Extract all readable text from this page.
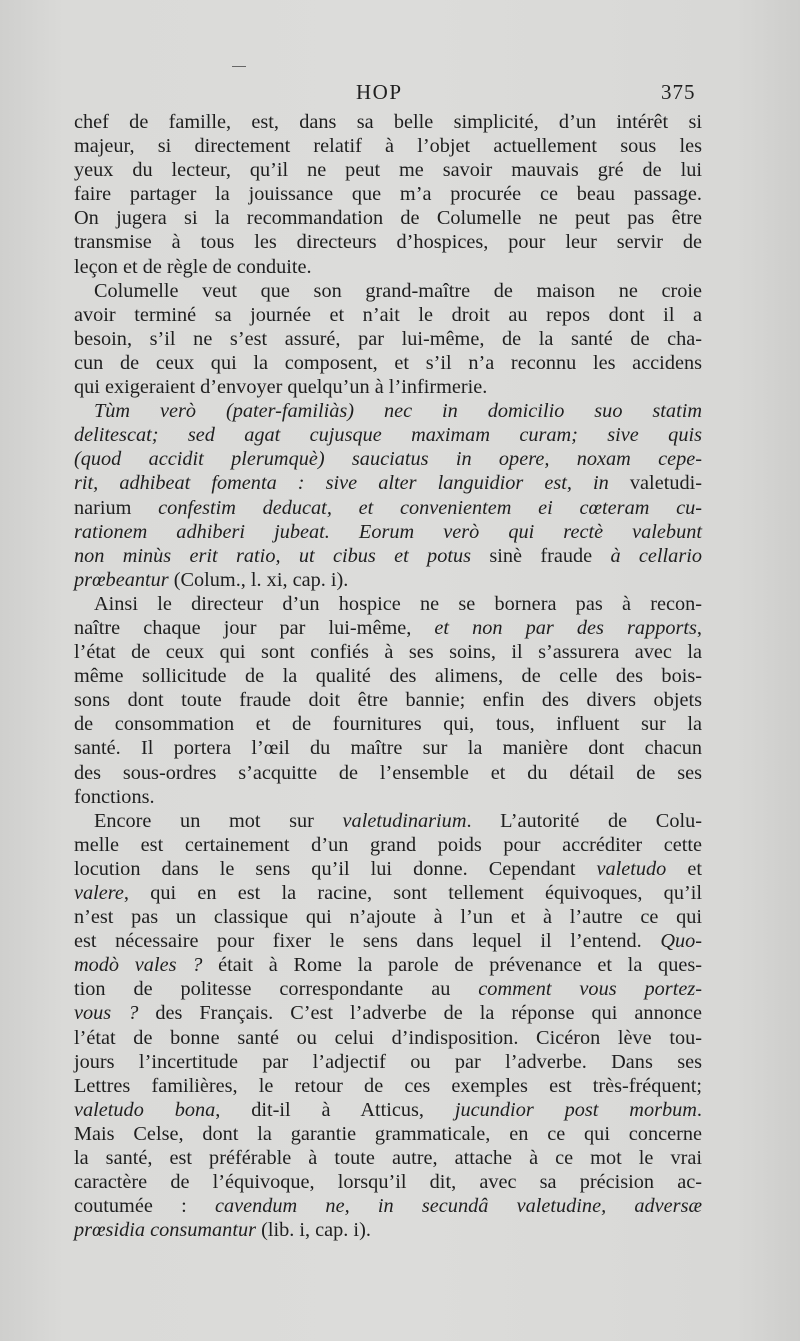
HOP	375
chef de famille, est, dans sa belle simplicité, d’un intérêt si
majeur, si directement relatif à l’objet actuellement sous les
yeux du lecteur, qu’il ne peut me savoir mauvais gré de lui
faire partager la jouissance que m’a procurée ce beau passage.
On jugera si la recommandation de Columelle ne peut pas être
transmise à tous les directeurs d’hospices, pour leur servir de
leçon et de règle de conduite.
Columelle veut que son grand-maître de maison ne croie
avoir terminé sa journée et n’ait le droit au repos dont il a
besoin, s’il ne s’est assuré, par lui-même, de la santé de cha-
cun de ceux qui la composent, et s’il n’a reconnu les accidens
qui exigeraient d’envoyer quelqu’un à l’infirmerie.
Tùm verò (pater-familiàs) nec in domicilio suo statim
delitescat; sed agat cujusque maximam curam; sive quis
(quod accidit plerumquè) sauciatus in opere, noxam cepe-
rit, adhibeat fomenta : sive alter languidior est, in valetudi-
narium confestim deducat, et convenientem ei cœteram cu-
rationem adhiberi jubeat. Eorum verò qui rectè valebunt
non minùs erit ratio, ut cibus et potus sinè fraude à cellario
prœbeantur (Colum., l. xi, cap. i).
Ainsi le directeur d’un hospice ne se bornera pas à recon-
naître chaque jour par lui-même, et non par des rapports,
l’état de ceux qui sont confiés à ses soins, il s’assurera avec la
même sollicitude de la qualité des alimens, de celle des bois-
sons dont toute fraude doit être bannie; enfin des divers objets
de consommation et de fournitures qui, tous, influent sur la
santé. Il portera l’œil du maître sur la manière dont chacun
des sous-ordres s’acquitte de l’ensemble et du détail de ses
fonctions.
Encore un mot sur valetudinarium. L’autorité de Colu-
melle est certainement d’un grand poids pour accréditer cette
locution dans le sens qu’il lui donne. Cependant valetudo et
valere, qui en est la racine, sont tellement équivoques, qu’il
n’est pas un classique qui n’ajoute à l’un et à l’autre ce qui
est nécessaire pour fixer le sens dans lequel il l’entend. Quo-
modò vales ? était à Rome la parole de prévenance et la ques-
tion de politesse correspondante au comment vous portez-
vous ? des Français. C’est l’adverbe de la réponse qui annonce
l’état de bonne santé ou celui d’indisposition. Cicéron lève tou-
jours l’incertitude par l’adjectif ou par l’adverbe. Dans ses
Lettres familières, le retour de ces exemples est très-fréquent;
valetudo bona, dit-il à Atticus, jucundior post morbum.
Mais Celse, dont la garantie grammaticale, en ce qui concerne
la santé, est préférable à toute autre, attache à ce mot le vrai
caractère de l’équivoque, lorsqu’il dit, avec sa précision ac-
coutumée : cavendum ne, in secundâ valetudine, adversæ
prœsidia consumantur (lib. i, cap. i).
